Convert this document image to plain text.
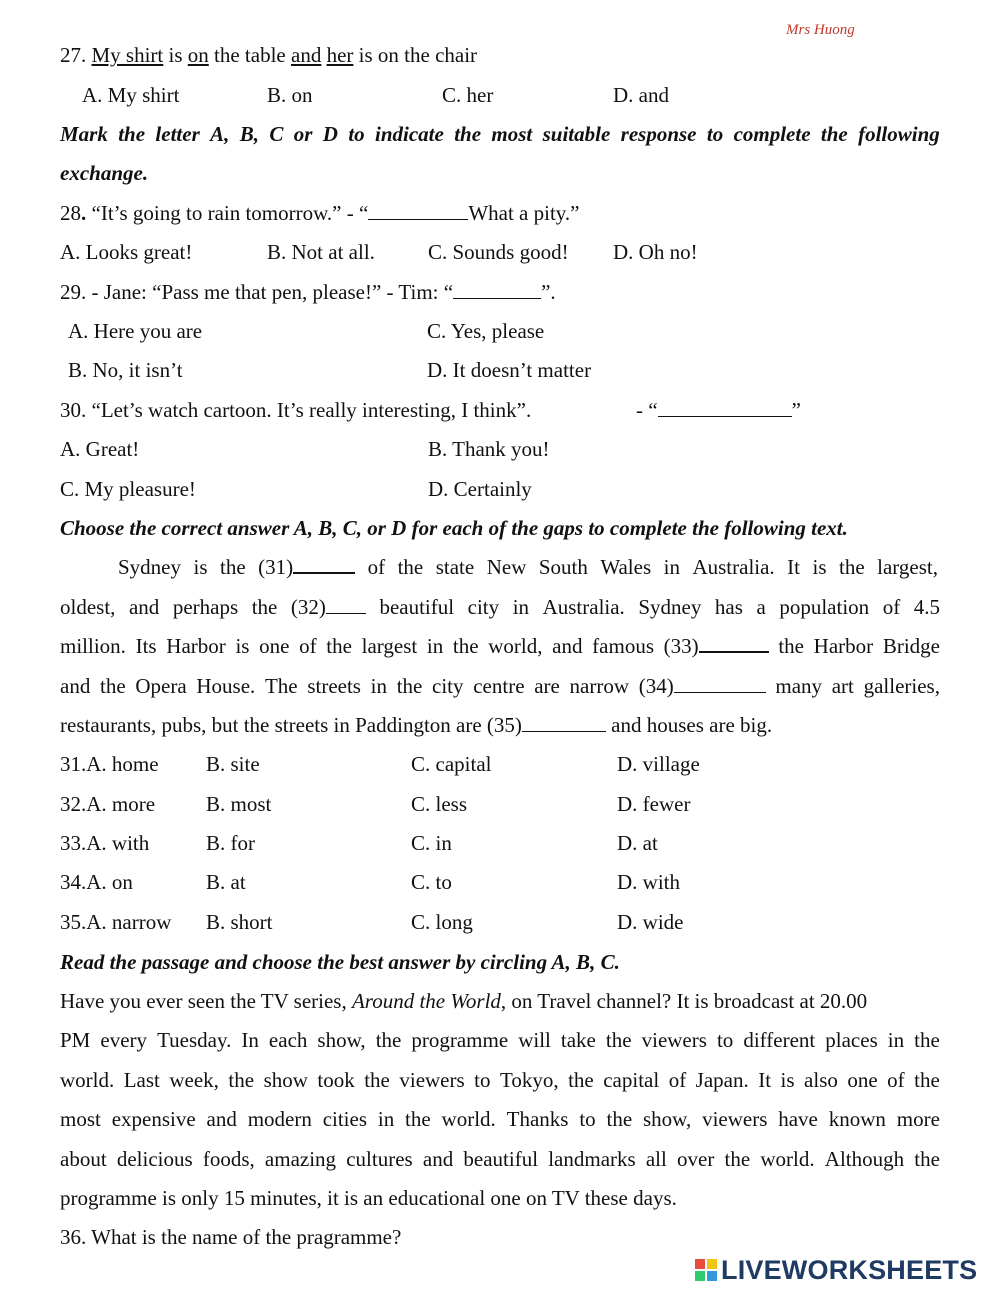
Mrs Huong
27. My shirt is on the table and her is on the chair
A. My shirt	B. on	C. her	D. and
Mark the letter A, B, C or D to indicate the most suitable response to complete the following
exchange.
28. “It’s going to rain tomorrow.” - “	What a pity.”
A. Looks great!	B. Not at all.	C. Sounds good! D. Oh no!
29. - Jane: “Pass me that pen, please!” - Tim: “	”.
A. Here you are	C. Yes, please
B. No, it isn’t	D. It doesn’t matter
30. “Let’s watch cartoon. It’s really interesting, I think”.	- “	”
A. Great!	B. Thank you!
C. My pleasure!	D. Certainly
Choose the correct answer A, B, C, or D for each of the gaps to complete the following text.
Sydney is the (31)	of the state New South Wales in Australia. It is the largest,
oldest, and perhaps the (32)	beautiful city in Australia. Sydney has a population of 4.5
million. Its Harbor is one of the largest in the world, and famous (33)	the Harbor Bridge
and the Opera House. The streets in the city centre are narrow (34)	many art galleries,
restaurants, pubs, but the streets in Paddington are (35)	and houses are big.
31.A. home B. site	C. capital	D. village
32.A. more B. most	C. less	D. fewer
33.A. with	B. for	C. in	D. at
34.A. on	B. at	C. to	D. with
35.A. narrow B. short	C. long	D. wide
Read the passage and choose the best answer by circling A, B, C.
Have you ever seen the TV series, Around the World, on Travel channel? It is broadcast at 20.00
PM every Tuesday. In each show, the programme will take the viewers to different places in the
world. Last week, the show took the viewers to Tokyo, the capital of Japan. It is also one of the
most expensive and modern cities in the world. Thanks to the show, viewers have known more
about delicious foods, amazing cultures and beautiful landmarks all over the world. Although the
programme is only 15 minutes, it is an educational one on TV these days.
36. What is the name of the pragramme?
LIVEWORKSHEETS
